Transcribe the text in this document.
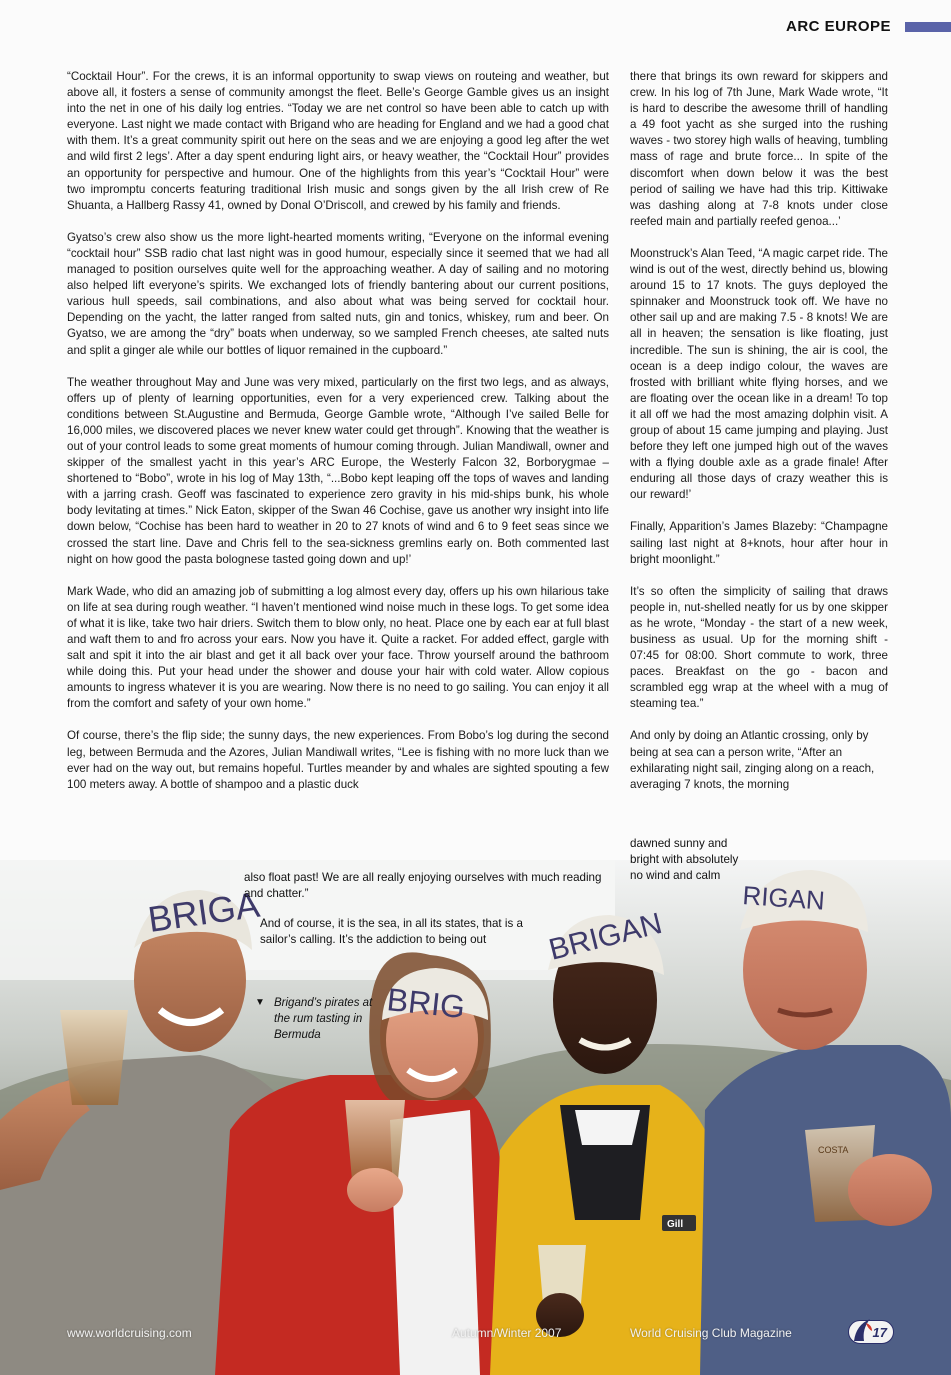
ARC EUROPE

“Cocktail Hour”. For the crews, it is an informal opportunity to swap views on routeing and weather, but above all, it fosters a sense of community amongst the fleet. Belle’s George Gamble gives us an insight into the net in one of his daily log entries. “Today we are net control so have been able to catch up with everyone. Last night we made contact with Brigand who are heading for England and we had a good chat with them. It’s a great community spirit out here on the seas and we are enjoying a good leg after the wet and wild first 2 legs’. After a day spent enduring light airs, or heavy weather, the “Cocktail Hour” provides an opportunity for perspective and humour. One of the highlights from this year’s “Cocktail Hour” were two impromptu concerts featuring traditional Irish music and songs given by the all Irish crew of Re Shuanta, a Hallberg Rassy 41, owned by Donal O’Driscoll, and crewed by his family and friends.

Gyatso’s crew also show us the more light-hearted moments writing, “Everyone on the informal evening “cocktail hour” SSB radio chat last night was in good humour, especially since it seemed that we had all managed to position ourselves quite well for the approaching weather. A day of sailing and no motoring also helped lift everyone’s spirits. We exchanged lots of friendly bantering about our current positions, various hull speeds, sail combinations, and also about what was being served for cocktail hour. Depending on the yacht, the latter ranged from salted nuts, gin and tonics, whiskey, rum and beer. On Gyatso, we are among the “dry” boats when underway, so we sampled French cheeses, ate salted nuts and split a ginger ale while our bottles of liquor remained in the cupboard.”

The weather throughout May and June was very mixed, particularly on the first two legs, and as always, offers up of plenty of learning opportunities, even for a very experienced crew. Talking about the conditions between St.Augustine and Bermuda, George Gamble wrote, “Although I’ve sailed Belle for 16,000 miles, we discovered places we never knew water could get through”. Knowing that the weather is out of your control leads to some great moments of humour coming through. Julian Mandiwall, owner and skipper of the smallest yacht in this year’s ARC Europe, the Westerly Falcon 32, Borborygmae – shortened to “Bobo”, wrote in his log of May 13th, “...Bobo kept leaping off the tops of waves and landing with a jarring crash. Geoff was fascinated to experience zero gravity in his mid-ships bunk, his whole body levitating at times.” Nick Eaton, skipper of the Swan 46 Cochise, gave us another wry insight into life down below, “Cochise has been hard to weather in 20 to 27 knots of wind and 6 to 9 feet seas since we crossed the start line. Dave and Chris fell to the sea-sickness gremlins early on. Both commented last night on how good the pasta bolognese tasted going down and up!’

Mark Wade, who did an amazing job of submitting a log almost every day, offers up his own hilarious take on life at sea during rough weather. “I haven’t mentioned wind noise much in these logs. To get some idea of what it is like, take two hair driers. Switch them to blow only, no heat. Place one by each ear at full blast and waft them to and fro across your ears. Now you have it. Quite a racket. For added effect, gargle with salt and spit it into the air blast and get it all back over your face. Throw yourself around the bathroom while doing this. Put your head under the shower and douse your hair with cold water. Allow copious amounts to ingress whatever it is you are wearing. Now there is no need to go sailing. You can enjoy it all from the comfort and safety of your own home.”

Of course, there’s the flip side; the sunny days, the new experiences. From Bobo’s log during the second leg, between Bermuda and the Azores, Julian Mandiwall writes, “Lee is fishing with no more luck than we ever had on the way out, but remains hopeful. Turtles meander by and whales are sighted spouting a few 100 meters away. A bottle of shampoo and a plastic duck

there that brings its own reward for skippers and crew. In his log of 7th June, Mark Wade wrote, “It is hard to describe the awesome thrill of handling a 49 foot yacht as she surged into the rushing waves - two storey high walls of heaving, tumbling mass of rage and brute force... In spite of the discomfort when down below it was the best period of sailing we have had this trip. Kittiwake was dashing along at 7-8 knots under close reefed main and partially reefed genoa...’

Moonstruck’s Alan Teed, “A magic carpet ride. The wind is out of the west, directly behind us, blowing around 15 to 17 knots. The guys deployed the spinnaker and Moonstruck took off. We have no other sail up and are making 7.5 - 8 knots! We are all in heaven; the sensation is like floating, just incredible. The sun is shining, the air is cool, the ocean is a deep indigo colour, the waves are frosted with brilliant white flying horses, and we are floating over the ocean like in a dream! To top it all off we had the most amazing dolphin visit. A group of about 15 came jumping and playing. Just before they left one jumped high out of the waves with a flying double axle as a grade finale! After enduring all those days of crazy weather this is our reward!’

Finally, Apparition’s James Blazeby: “Champagne sailing last night at 8+knots, hour after hour in bright moonlight.”

It’s so often the simplicity of sailing that draws people in, nut-shelled neatly for us by one skipper as he wrote, “Monday - the start of a new week, business as usual. Up for the morning shift - 07:45 for 08:00. Short commute to work, three paces. Breakfast on the go - bacon and scrambled egg wrap at the wheel with a mug of steaming tea.”

And only by doing an Atlantic crossing, only by being at sea can a person write, “After an exhilarating night sail, zinging along on a reach, averaging 7 knots, the morning

BRIGA
BRIG
BRIGAN
Gill
RIGAN
COSTA

also float past! We are all really enjoying ourselves with much reading and chatter.”

And of course, it is the sea, in all its states, that is a sailor’s calling. It’s the addiction to being out

dawned sunny and bright with absolutely no wind and calm
▼ Brigand’s pirates at the rum tasting in Bermuda
www.worldcruising.com	Autumn/Winter 2007	World Cruising Club Magazine	17
